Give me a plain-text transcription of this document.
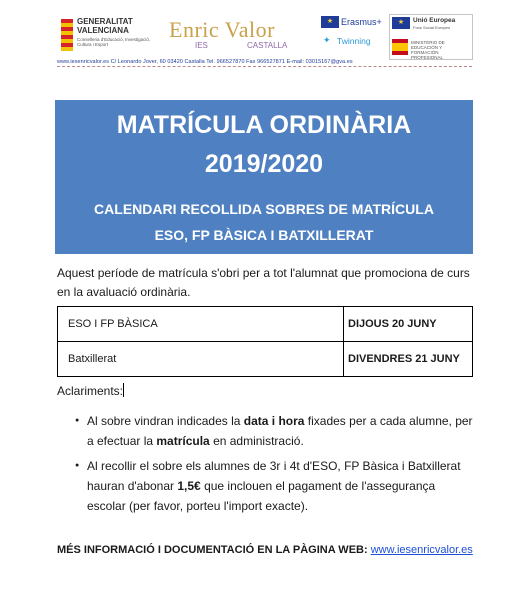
GENERALITAT
VALENCIANA
Conselleria d'Educació, Investigació, Cultura i Esport
Enric Valor
IES	CASTALLA
★ Erasmus+
✦ Twinning
★	Unió Europea
Fons Social Europeu
MINISTERIO DE EDUCACIÓN Y FORMACIÓN PROFESIONAL
www.iesenricvalor.es C/ Leonardo Jover, 60 03420 Castalla Tel. 966527870 Fax 966527871 E-mail: 03015167@gva.es
MATRÍCULA ORDINÀRIA
2019/2020
CALENDARI RECOLLIDA SOBRES DE MATRÍCULA
ESO, FP BÀSICA I BATXILLERAT
Aquest període de matrícula s'obri per a tot l'alumnat que promociona de curs en la avaluació ordinària.
ESO I FP BÀSICA	DIJOUS 20 JUNY
Batxillerat	DIVENDRES 21 JUNY
Aclariments:
● Al sobre vindran indicades la data i hora fixades per a cada alumne, per a efectuar la matrícula en administració.
● Al recollir el sobre els alumnes de 3r i 4t d'ESO, FP Bàsica i Batxillerat hauran d'abonar 1,5€ que inclouen el pagament de l'assegurança escolar (per favor, porteu l'import exacte).
MÉS INFORMACIÓ I DOCUMENTACIÓ EN LA PÀGINA WEB: www.iesenricvalor.es
